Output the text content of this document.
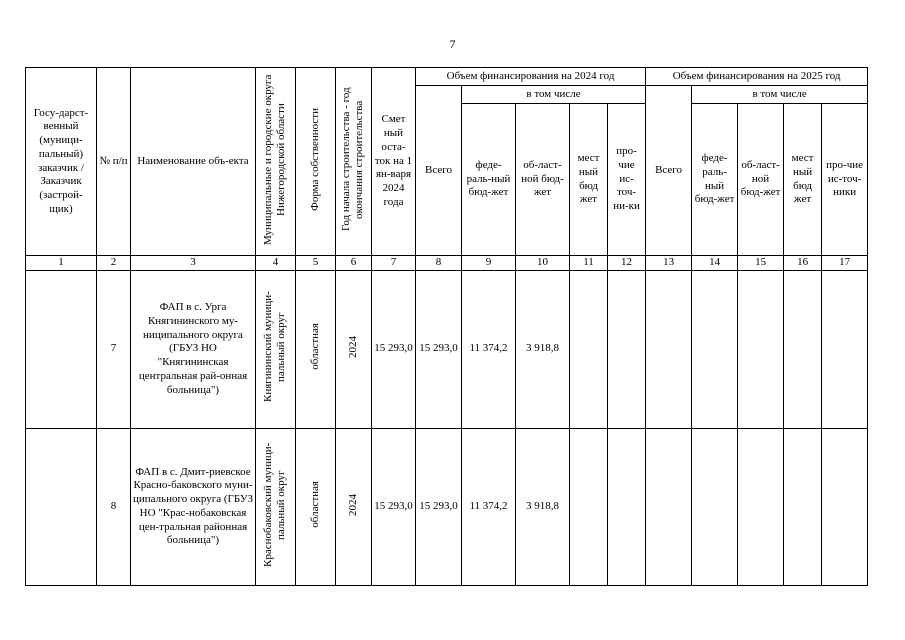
7
Госу-дарст-венный (муници-пальный) заказчик / Заказчик (застрой-щик)	№ п/п	Наименование объ-екта	Муниципальные и городские округа Нижегородской области	Форма собственности	Год начала строительства - год окончания строительства	Смет ный оста-ток на 1 ян-варя 2024 года	Объем финансирования на 2024 год					Объем финансирования на 2025 год				
							Всего	в том числе				Всего	в том числе			
								феде-раль-ный бюд-жет	об-ласт-ной бюд-жет	мест ный бюд жет	про-чие ис-точ-ни-ки		феде-раль-ный бюд-жет	об-ласт-ной бюд-жет	мест ный бюд жет	про-чие ис-точ-ники
1	2	3	4	5	6	7	8	9	10	11	12	13	14	15	16	17
	7	ФАП в с. Урга Княгининского му-ниципального округа (ГБУЗ НО "Княгининская центральная рай-онная больница")	Княгининский муници-пальный округ	областная	2024	15 293,0	15 293,0	11 374,2	3 918,8							
	8	ФАП в с. Дмит-риевское Красно-баковского муни-ципального округа (ГБУЗ НО "Крас-нобаковская цен-тральная районная больница")	Краснобаковский муници-пальный округ	областная	2024	15 293,0	15 293,0	11 374,2	3 918,8							
